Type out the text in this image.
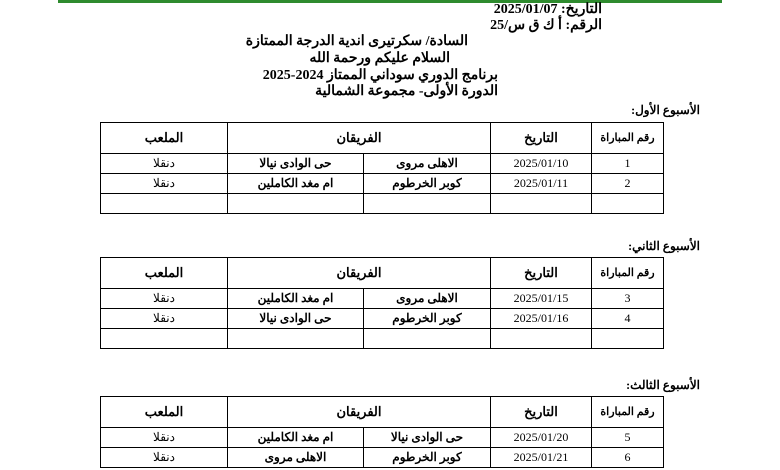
التاريخ: 2025/01/07
الرقم: أ ك ق س/25
السادة/ سكرتيرى اندية الدرجة الممتازة
السلام عليكم ورحمة الله
برنامج الدوري سوداني الممتاز 2024-2025
الدورة الأولى- مجموعة الشمالية
الأسبوع الأول:
رقم المباراة	التاريخ	الفريقان		الملعب
1	2025/01/10	الاهلى مروى	حى الوادى نيالا	دنقلا
2	2025/01/11	كوبر الخرطوم	ام مغد الكاملين	دنقلا

الأسبوع الثاني:
رقم المباراة	التاريخ	الفريقان		الملعب
3	2025/01/15	الاهلى مروى	ام مغد الكاملين	دنقلا
4	2025/01/16	كوبر الخرطوم	حى الوادى نيالا	دنقلا

الأسبوع الثالث:
رقم المباراة	التاريخ	الفريقان		الملعب
5	2025/01/20	حى الوادى نيالا	ام مغد الكاملين	دنقلا
6	2025/01/21	كوبر الخرطوم	الاهلى مروى	دنقلا
